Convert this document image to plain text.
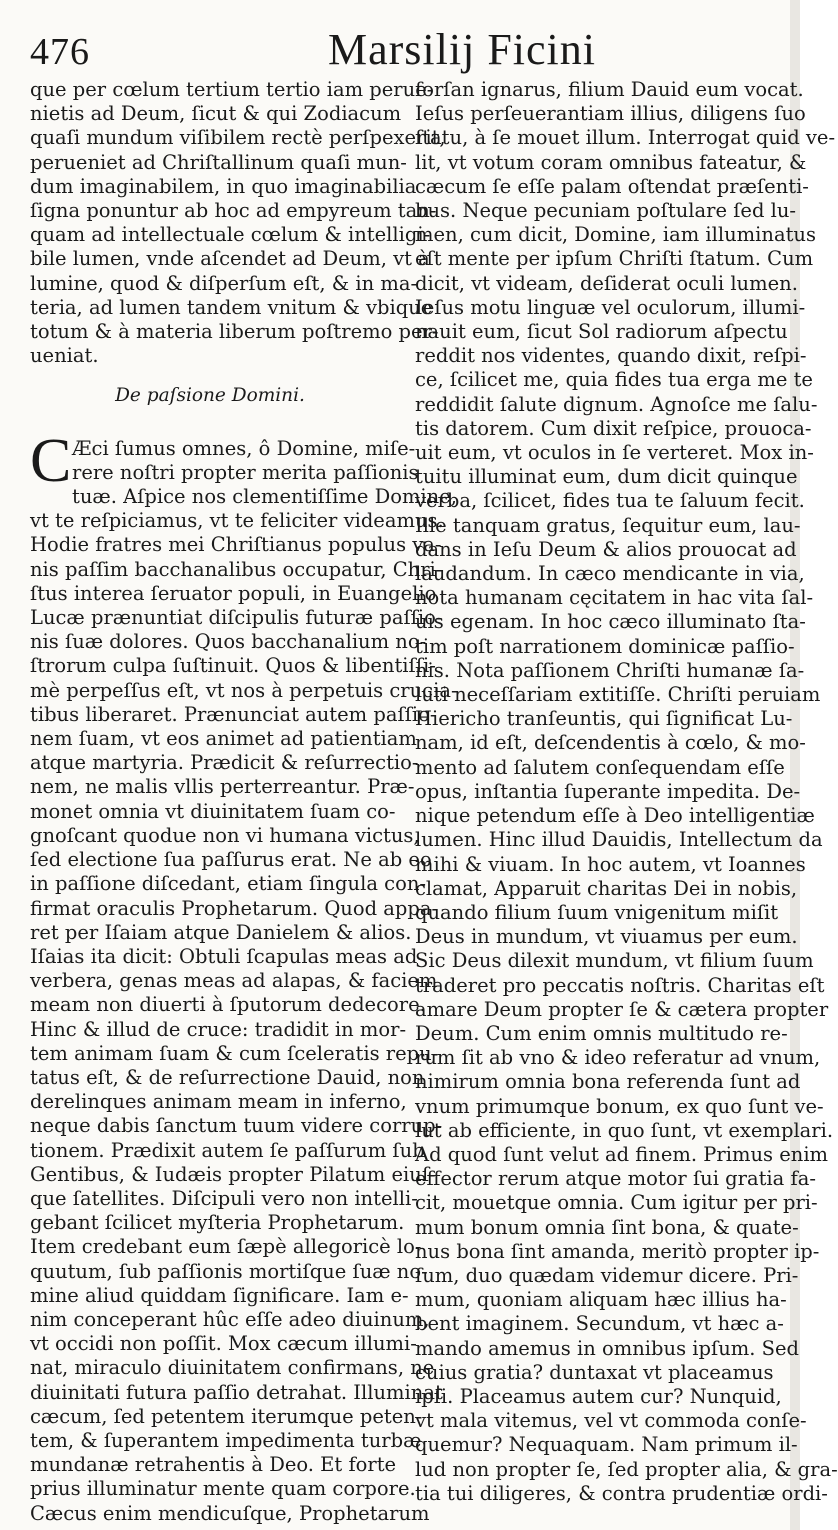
476	Marsilij Ficini
que per cœlum tertium tertio iam perue-
nietis ad Deum, ſicut & qui Zodiacum
quaſi mundum viſibilem rectè perſpexerit,
perueniet ad Chriſtallinum quaſi mun-
dum imaginabilem, in quo imaginabilia
ſigna ponuntur ab hoc ad empyreum tan-
quam ad intellectuale cœlum & intelligi-
bile lumen, vnde aſcendet ad Deum, vt à
lumine, quod & diſperſum eſt, & in ma-
teria, ad lumen tandem vnitum & vbique
totum & à materia liberum poſtremo per-
ueniat.
De paſsione Domini.
C Æci ſumus omnes, ô Domine, miſe-
rere noſtri propter merita paſſionis
tuæ. Aſpice nos clementiſſime Domine,
vt te reſpiciamus, vt te feliciter videamus.
Hodie fratres mei Chriſtianus populus va-
nis paſſim bacchanalibus occupatur, Chri-
ſtus interea ſeruator populi, in Euangelio
Lucæ prænuntiat diſcipulis futuræ paſſio-
nis ſuæ dolores. Quos bacchanalium no-
ſtrorum culpa ſuſtinuit. Quos & libentiſſi-
mè perpeſſus eſt, vt nos à perpetuis crucia-
tibus liberaret. Prænunciat autem paſſio-
nem ſuam, vt eos animet ad patientiam
atque martyria. Prædicit & reſurrectio-
nem, ne malis vllis perterreantur. Præ-
monet omnia vt diuinitatem ſuam co-
gnoſcant quodue non vi humana victus,
ſed electione ſua paſſurus erat. Ne ab eo
in paſſione diſcedant, etiam ſingula con-
firmat oraculis Prophetarum. Quod appa-
ret per Iſaiam atque Danielem & alios.
Iſaias ita dicit: Obtuli ſcapulas meas ad
verbera, genas meas ad alapas, & faciem
meam non diuerti à ſputorum dedecore.
Hinc & illud de cruce: tradidit in mor-
tem animam ſuam & cum ſceleratis repu-
tatus eſt, & de reſurrectione Dauid, non
derelinques animam meam in inferno,
neque dabis ſanctum tuum videre corrup-
tionem. Prædixit autem ſe paſſurum ſub
Gentibus, & Iudæis propter Pilatum eiuſ-
que ſatellites. Diſcipuli vero non intelli-
gebant ſcilicet myſteria Prophetarum.
Item credebant eum ſæpè allegoricè lo-
quutum, ſub paſſionis mortiſque ſuæ no-
mine aliud quiddam ſignificare. Iam e-
nim conceperant hûc eſſe adeo diuinum,
vt occidi non poſſit. Mox cæcum illumi-
nat, miraculo diuinitatem confirmans, ne
diuinitati futura paſſio detrahat. Illuminat
cæcum, ſed petentem iterumque peten-
tem, & ſuperantem impedimenta turbæ
mundanæ retrahentis à Deo. Et forte
prius illuminatur mente quam corpore.
Cæcus enim mendicuſque, Prophetarum
forſan ignarus, filium Dauid eum vocat.
Ieſus perſeuerantiam illius, diligens ſuo
ſtatu, à ſe mouet illum. Interrogat quid ve-
lit, vt votum coram omnibus fateatur, &
cæcum ſe eſſe palam oſtendat præſenti-
bus. Neque pecuniam poſtulare ſed lu-
men, cum dicit, Domine, iam illuminatus
eſt mente per ipſum Chriſti ſtatum. Cum
dicit, vt videam, deſiderat oculi lumen.
Ieſus motu linguæ vel oculorum, illumi-
nauit eum, ſicut Sol radiorum aſpectu
reddit nos videntes, quando dixit, reſpi-
ce, ſcilicet me, quia fides tua erga me te
reddidit ſalute dignum. Agnoſce me ſalu-
tis datorem. Cum dixit reſpice, prouoca-
uit eum, vt oculos in ſe verteret. Mox in-
tuitu illuminat eum, dum dicit quinque
verba, ſcilicet, fides tua te ſaluum fecit.
Ille tanquam gratus, ſequitur eum, lau-
dans in Ieſu Deum & alios prouocat ad
laudandum. In cæco mendicante in via,
nota humanam cęcitatem in hac vita ſal-
uis egenam. In hoc cæco illuminato ſta-
tim poſt narrationem dominicæ paſſio-
nis. Nota paſſionem Chriſti humanæ ſa-
luti neceſſariam extitiſſe. Chriſti peruiam
Hiericho tranſeuntis, qui ſignificat Lu-
nam, id eſt, deſcendentis à cœlo, & mo-
mento ad ſalutem conſequendam eſſe
opus, inſtantia ſuperante impedita. De-
nique petendum eſſe à Deo intelligentiæ
lumen. Hinc illud Dauidis, Intellectum da
mihi & viuam. In hoc autem, vt Ioannes
clamat, Apparuit charitas Dei in nobis,
quando filium ſuum vnigenitum miſit
Deus in mundum, vt viuamus per eum.
Sic Deus dilexit mundum, vt filium ſuum
traderet pro peccatis noſtris. Charitas eſt
amare Deum propter ſe & cætera propter
Deum. Cum enim omnis multitudo re-
rum ſit ab vno & ideo referatur ad vnum,
nimirum omnia bona referenda ſunt ad
vnum primumque bonum, ex quo ſunt ve-
lut ab efficiente, in quo ſunt, vt exemplari.
Ad quod ſunt velut ad finem. Primus enim
effector rerum atque motor ſui gratia fa-
cit, mouetque omnia. Cum igitur per pri-
mum bonum omnia ſint bona, & quate-
nus bona ſint amanda, meritò propter ip-
ſum, duo quædam videmur dicere. Pri-
mum, quoniam aliquam hæc illius ha-
bent imaginem. Secundum, vt hæc a-
mando amemus in omnibus ipſum. Sed
cuius gratia? duntaxat vt placeamus
ipſi. Placeamus autem cur? Nunquid,
vt mala vitemus, vel vt commoda conſe-
quemur? Nequaquam. Nam primum il-
lud non propter ſe, ſed propter alia, & gra-
tia tui diligeres, & contra prudentiæ ordi-
